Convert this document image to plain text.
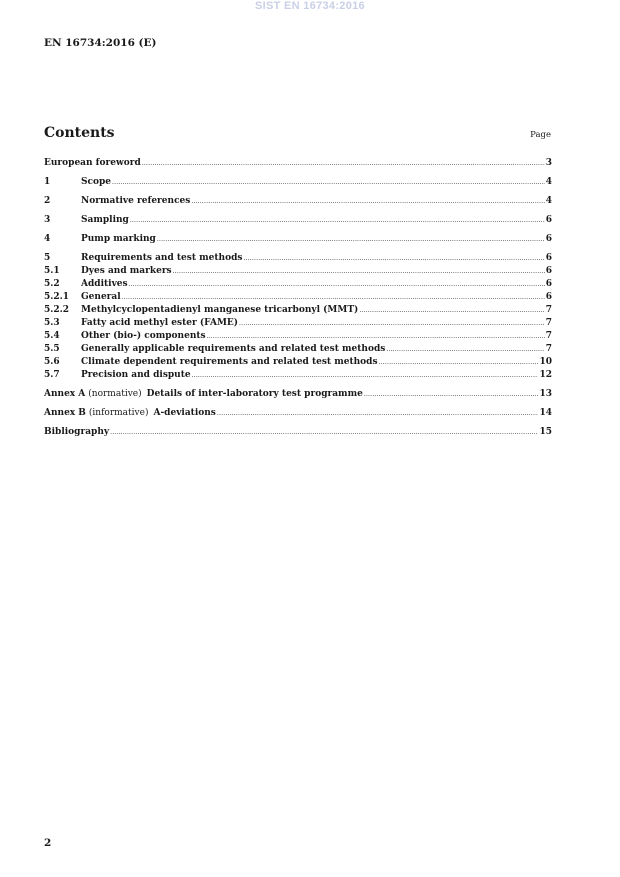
SIST EN 16734:2016
EN 16734:2016 (E)
Contents	Page
European foreword .....	3
1	Scope .....	4
2	Normative references .....	4
3	Sampling .....	6
4	Pump marking .....	6
5	Requirements and test methods .....	6
5.1	Dyes and markers .....	6
5.2	Additives .....	6
5.2.1	General .....	6
5.2.2	Methylcyclopentadienyl manganese tricarbonyl (MMT) .....	7
5.3	Fatty acid methyl ester (FAME) .....	7
5.4	Other (bio-) components .....	7
5.5	Generally applicable requirements and related test methods .....	7
5.6	Climate dependent requirements and related test methods .....	10
5.7	Precision and dispute .....	12
Annex A (normative) Details of inter-laboratory test programme .....	13
Annex B (informative) A-deviations .....	14
Bibliography .....	15
2
